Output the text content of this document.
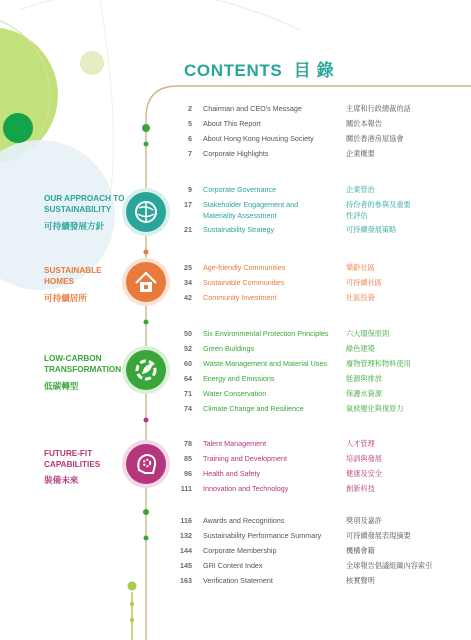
CONTENTS 目 錄
OUR APPROACH TO SUSTAINABILITY
可持續發展方針
SUSTAINABLE HOMES
可持續居所
LOW-CARBON TRANSFORMATION
低碳轉型
FUTURE-FIT CAPABILITIES
裝備未來
2 Chairman and CEO's Message	主席和行政總裁的話
5 About This Report	關於本報告
6 About Hong Kong Housing Society	關於香港房屋協會
7 Corporate Highlights	企業概要
9 Corporate Governance	企業管治
17 Stakeholder Engagement and Materiality Assessment
持份者的參與及重要性評估
21 Sustainability Strategy	可持續發展策略
25 Age-friendly Communities	樂齡社區
34 Sustainable Communities	可持續社區
42 Community Investment	社區投資
50 Six Environmental Protection Principles	六大環保原則
52 Green Buildings	綠色建築
60 Waste Management and Material Uses	廢物管理和物料使用
64 Energy and Emissions	能源與排放
71 Water Conservation	保護水資源
74 Climate Change and Resilience	氣候變化與復原力
78 Talent Management	人才管理
85 Training and Development	培訓與發展
96 Health and Safety	健康及安全
111 Innovation and Technology	創新科技
116 Awards and Recognitions	獎項及嘉許
132 Sustainability Performance Summary	可持續發展表現摘要
144 Corporate Membership	機構會籍
145 GRI Content Index	全球報告倡議組織內容索引
163 Verification Statement	核實聲明
